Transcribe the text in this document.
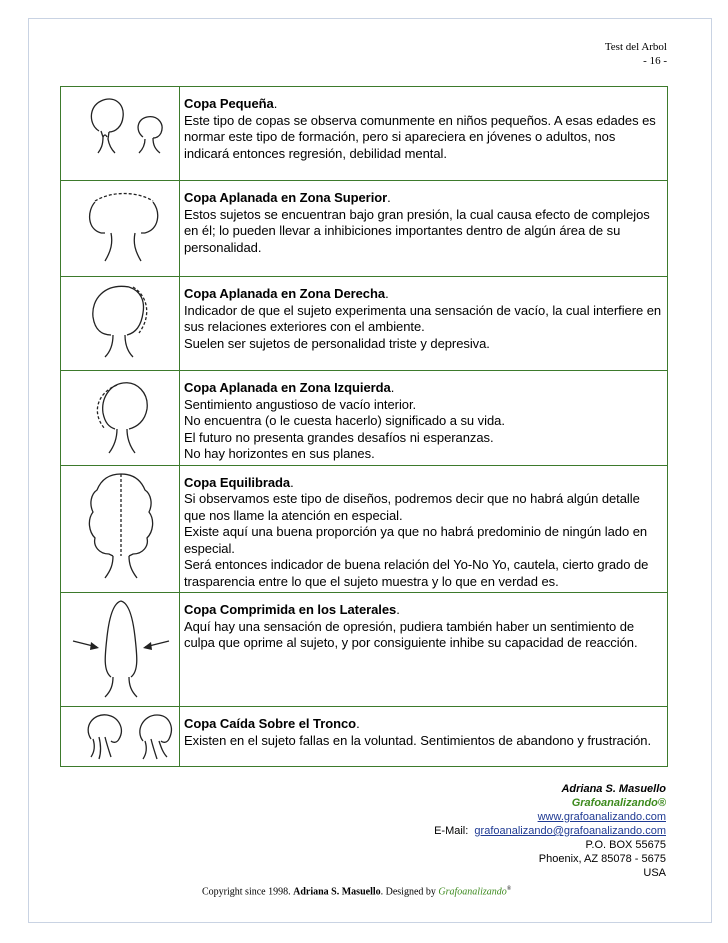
Test del Arbol
- 16 -

Copa Pequeña.

Este tipo de copas se observa comunmente en niños pequeños. A esas edades es normar este tipo de formación, pero si apareciera en jóvenes o adultos, nos indicará entonces regresión, debilidad mental.

Copa Aplanada en Zona Superior.

Estos sujetos se encuentran bajo gran presión, la cual causa efecto de complejos en él; lo pueden llevar a inhibiciones importantes dentro de algún área de su personalidad.

Copa Aplanada en Zona Derecha.

Indicador de que el sujeto experimenta una sensación de vacío, la cual interfiere en sus relaciones exteriores con el ambiente.

Suelen ser sujetos de personalidad triste y depresiva.

Copa Aplanada en Zona Izquierda.

Sentimiento angustioso de vacío interior.

No encuentra (o le cuesta hacerlo) significado a su vida.

El futuro no presenta grandes desafíos ni esperanzas.

No hay horizontes en sus planes.

Copa Equilibrada.

Si observamos este tipo de diseños, podremos decir que no habrá algún detalle que nos llame la atención en especial.

Existe aquí una buena proporción ya que no habrá predominio de ningún lado en especial.

Será entonces indicador de buena relación del Yo-No Yo, cautela, cierto grado de trasparencia entre lo que el sujeto muestra y lo que en verdad es.

Copa Comprimida en los Laterales.

Aquí hay una sensación de opresión, pudiera también haber un sentimiento de culpa que oprime al sujeto, y por consiguiente inhibe su capacidad de reacción.

Copa Caída Sobre el Tronco.

Existen en el sujeto fallas en la voluntad. Sentimientos de abandono y frustración.

Adriana S. Masuello
Grafoanalizando®
www.grafoanalizando.com
E-Mail: grafoanalizando@grafoanalizando.com
P.O. BOX 55675
Phoenix, AZ 85078 - 5675
USA
Copyright since 1998. Adriana S. Masuello. Designed by Grafoanalizando®
